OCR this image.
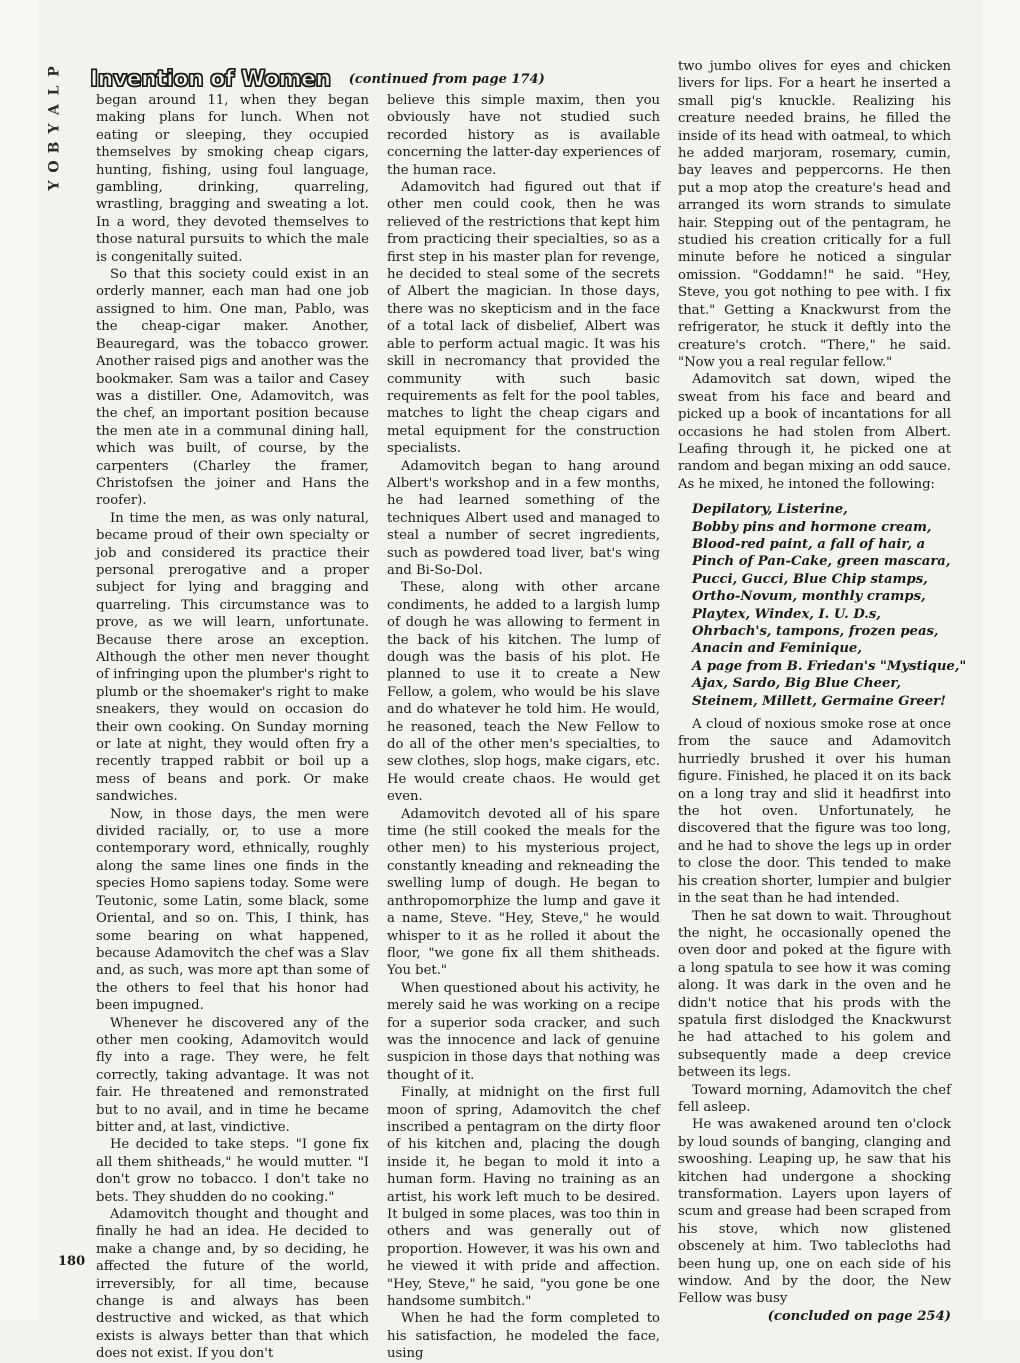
P
L
A
Y
B
O
Y
Invention of Women (continued from page 174)

began around 11, when they began making plans for lunch. When not eating or sleeping, they occupied themselves by smoking cheap cigars, hunting, fishing, using foul language, gambling, drinking, quarreling, wrastling, bragging and sweating a lot. In a word, they devoted themselves to those natural pursuits to which the male is congenitally suited.

So that this society could exist in an orderly manner, each man had one job assigned to him. One man, Pablo, was the cheap-cigar maker. Another, Beauregard, was the tobacco grower. Another raised pigs and another was the bookmaker. Sam was a tailor and Casey was a distiller. One, Adamovitch, was the chef, an important position because the men ate in a communal dining hall, which was built, of course, by the carpenters (Charley the framer, Christofsen the joiner and Hans the roofer).

In time the men, as was only natural, became proud of their own specialty or job and considered its practice their personal prerogative and a proper subject for lying and bragging and quarreling. This circumstance was to prove, as we will learn, unfortunate. Because there arose an exception. Although the other men never thought of infringing upon the plumber's right to plumb or the shoemaker's right to make sneakers, they would on occasion do their own cooking. On Sunday morning or late at night, they would often fry a recently trapped rabbit or boil up a mess of beans and pork. Or make sandwiches.

Now, in those days, the men were divided racially, or, to use a more contemporary word, ethnically, roughly along the same lines one finds in the species Homo sapiens today. Some were Teutonic, some Latin, some black, some Oriental, and so on. This, I think, has some bearing on what happened, because Adamovitch the chef was a Slav and, as such, was more apt than some of the others to feel that his honor had been impugned.

Whenever he discovered any of the other men cooking, Adamovitch would fly into a rage. They were, he felt correctly, taking advantage. It was not fair. He threatened and remonstrated but to no avail, and in time he became bitter and, at last, vindictive.

He decided to take steps. "I gone fix all them shitheads," he would mutter. "I don't grow no tobacco. I don't take no bets. They shudden do no cooking."

Adamovitch thought and thought and finally he had an idea. He decided to make a change and, by so deciding, he affected the future of the world, irreversibly, for all time, because change is and always has been destructive and wicked, as that which exists is always better than that which does not exist. If you don't

believe this simple maxim, then you obviously have not studied such recorded history as is available concerning the latter-day experiences of the human race.

Adamovitch had figured out that if other men could cook, then he was relieved of the restrictions that kept him from practicing their specialties, so as a first step in his master plan for revenge, he decided to steal some of the secrets of Albert the magician. In those days, there was no skepticism and in the face of a total lack of disbelief, Albert was able to perform actual magic. It was his skill in necromancy that provided the community with such basic requirements as felt for the pool tables, matches to light the cheap cigars and metal equipment for the construction specialists.

Adamovitch began to hang around Albert's workshop and in a few months, he had learned something of the techniques Albert used and managed to steal a number of secret ingredients, such as powdered toad liver, bat's wing and Bi-So-Dol.

These, along with other arcane condiments, he added to a largish lump of dough he was allowing to ferment in the back of his kitchen. The lump of dough was the basis of his plot. He planned to use it to create a New Fellow, a golem, who would be his slave and do whatever he told him. He would, he reasoned, teach the New Fellow to do all of the other men's specialties, to sew clothes, slop hogs, make cigars, etc. He would create chaos. He would get even.

Adamovitch devoted all of his spare time (he still cooked the meals for the other men) to his mysterious project, constantly kneading and rekneading the swelling lump of dough. He began to anthropomorphize the lump and gave it a name, Steve. "Hey, Steve," he would whisper to it as he rolled it about the floor, "we gone fix all them shitheads. You bet."

When questioned about his activity, he merely said he was working on a recipe for a superior soda cracker, and such was the innocence and lack of genuine suspicion in those days that nothing was thought of it.

Finally, at midnight on the first full moon of spring, Adamovitch the chef inscribed a pentagram on the dirty floor of his kitchen and, placing the dough inside it, he began to mold it into a human form. Having no training as an artist, his work left much to be desired. It bulged in some places, was too thin in others and was generally out of proportion. However, it was his own and he viewed it with pride and affection. "Hey, Steve," he said, "you gone be one handsome sumbitch."

When he had the form completed to his satisfaction, he modeled the face, using

two jumbo olives for eyes and chicken livers for lips. For a heart he inserted a small pig's knuckle. Realizing his creature needed brains, he filled the inside of its head with oatmeal, to which he added marjoram, rosemary, cumin, bay leaves and peppercorns. He then put a mop atop the creature's head and arranged its worn strands to simulate hair. Stepping out of the pentagram, he studied his creation critically for a full minute before he noticed a singular omission. "Goddamn!" he said. "Hey, Steve, you got nothing to pee with. I fix that." Getting a Knackwurst from the refrigerator, he stuck it deftly into the creature's crotch. "There," he said. "Now you a real regular fellow."

Adamovitch sat down, wiped the sweat from his face and beard and picked up a book of incantations for all occasions he had stolen from Albert. Leafing through it, he picked one at random and began mixing an odd sauce. As he mixed, he intoned the following:

Depilatory, Listerine,
Bobby pins and hormone cream,
Blood-red paint, a fall of hair, a
Pinch of Pan-Cake, green mascara,
Pucci, Gucci, Blue Chip stamps,
Ortho-Novum, monthly cramps,
Playtex, Windex, I. U. D.s,
Ohrbach's, tampons, frozen peas,
Anacin and Feminique,
A page from B. Friedan's "Mystique,"
Ajax, Sardo, Big Blue Cheer,
Steinem, Millett, Germaine Greer!

A cloud of noxious smoke rose at once from the sauce and Adamovitch hurriedly brushed it over his human figure. Finished, he placed it on its back on a long tray and slid it headfirst into the hot oven. Unfortunately, he discovered that the figure was too long, and he had to shove the legs up in order to close the door. This tended to make his creation shorter, lumpier and bulgier in the seat than he had intended.

Then he sat down to wait. Throughout the night, he occasionally opened the oven door and poked at the figure with a long spatula to see how it was coming along. It was dark in the oven and he didn't notice that his prods with the spatula first dislodged the Knackwurst he had attached to his golem and subsequently made a deep crevice between its legs.

Toward morning, Adamovitch the chef fell asleep.

He was awakened around ten o'clock by loud sounds of banging, clanging and swooshing. Leaping up, he saw that his kitchen had undergone a shocking transformation. Layers upon layers of scum and grease had been scraped from his stove, which now glistened obscenely at him. Two tablecloths had been hung up, one on each side of his window. And by the door, the New Fellow was busy

(concluded on page 254)

180
